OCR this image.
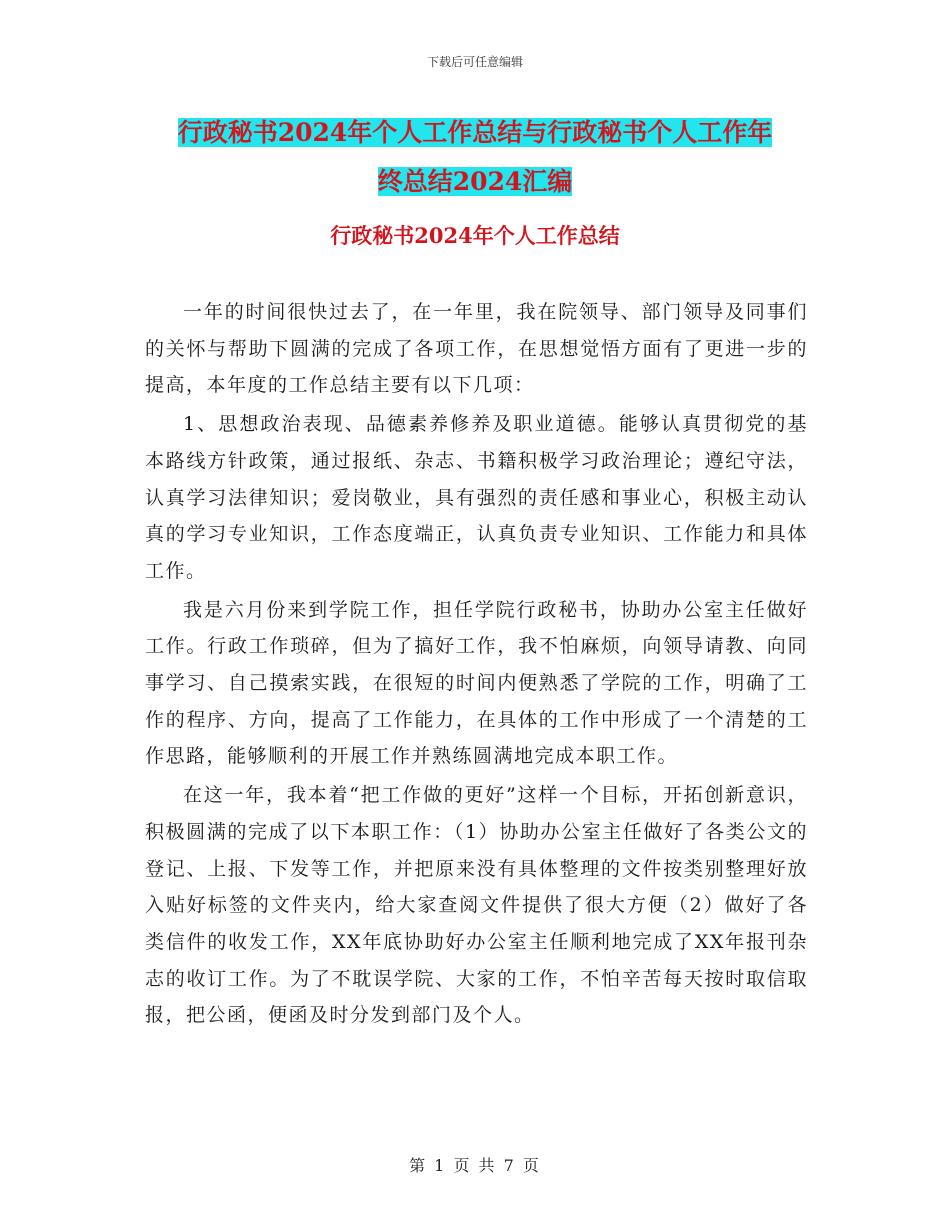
下载后可任意编辑
行政秘书2024年个人工作总结与行政秘书个人工作年
终总结2024汇编
行政秘书2024年个人工作总结

一年的时间很快过去了，在一年里，我在院领导、部门领导及同事们的关怀与帮助下圆满的完成了各项工作，在思想觉悟方面有了更进一步的提高，本年度的工作总结主要有以下几项：

1、思想政治表现、品德素养修养及职业道德。能够认真贯彻党的基本路线方针政策，通过报纸、杂志、书籍积极学习政治理论；遵纪守法，认真学习法律知识；爱岗敬业，具有强烈的责任感和事业心，积极主动认真的学习专业知识，工作态度端正，认真负责专业知识、工作能力和具体工作。

我是六月份来到学院工作，担任学院行政秘书，协助办公室主任做好工作。行政工作琐碎，但为了搞好工作，我不怕麻烦，向领导请教、向同事学习、自己摸索实践，在很短的时间内便熟悉了学院的工作，明确了工作的程序、方向，提高了工作能力，在具体的工作中形成了一个清楚的工作思路，能够顺利的开展工作并熟练圆满地完成本职工作。

在这一年，我本着“把工作做的更好”这样一个目标，开拓创新意识，积极圆满的完成了以下本职工作：（1）协助办公室主任做好了各类公文的登记、上报、下发等工作，并把原来没有具体整理的文件按类别整理好放入贴好标签的文件夹内，给大家查阅文件提供了很大方便（2）做好了各类信件的收发工作，XX年底协助好办公室主任顺利地完成了XX年报刊杂志的收订工作。为了不耽误学院、大家的工作，不怕辛苦每天按时取信取报，把公函，便函及时分发到部门及个人。

第 1 页 共 7 页
